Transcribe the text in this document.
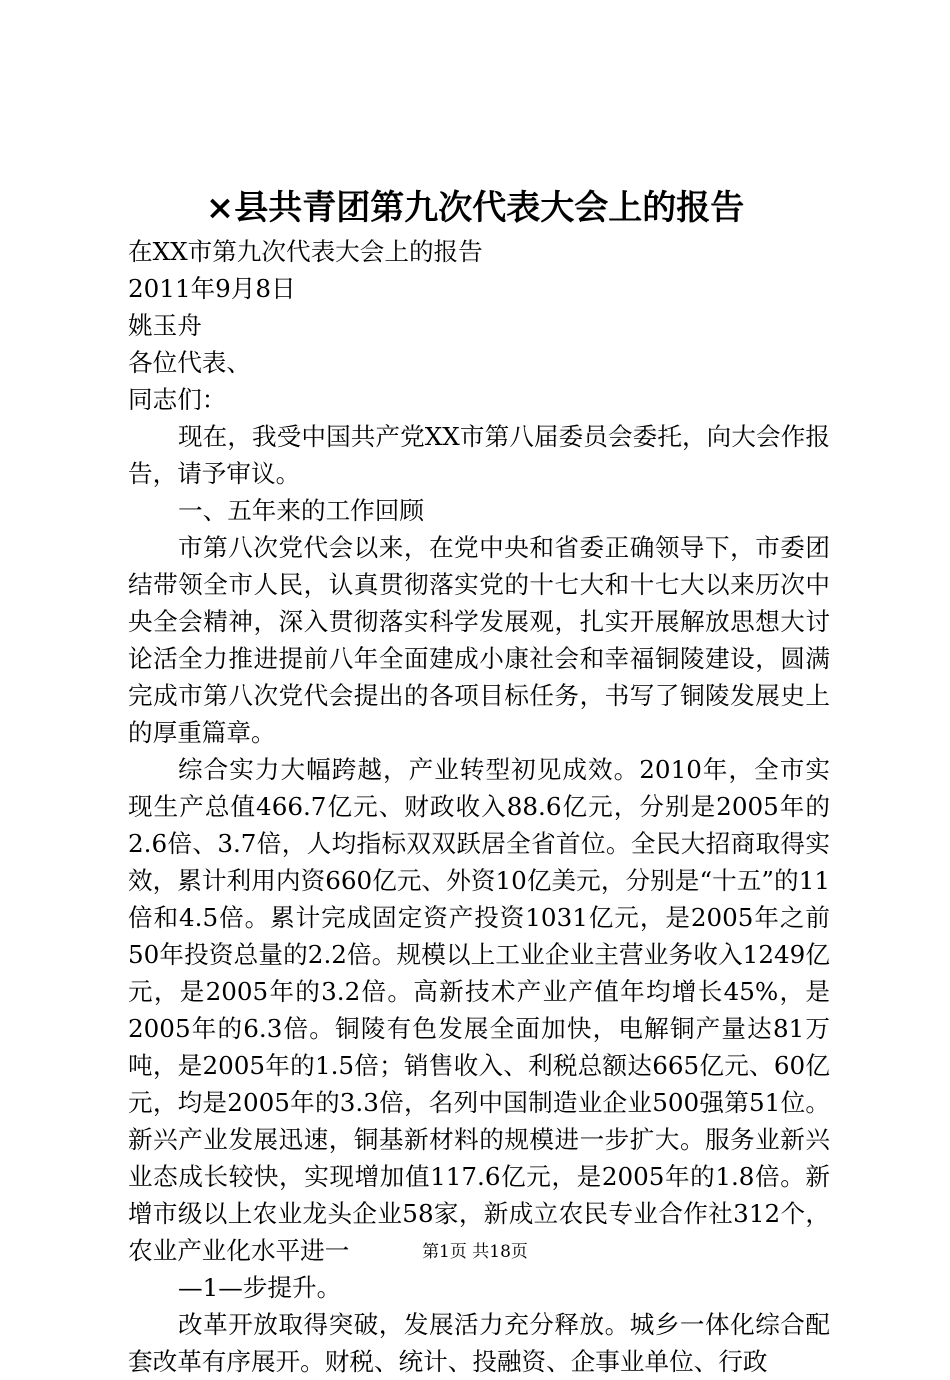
×县共青团第九次代表大会上的报告

在XX市第九次代表大会上的报告

2011年9月8日

姚玉舟

各位代表、

同志们：

现在，我受中国共产党XX市第八届委员会委托，向大会作报告，请予审议。

一、五年来的工作回顾

市第八次党代会以来，在党中央和省委正确领导下，市委团结带领全市人民，认真贯彻落实党的十七大和十七大以来历次中央全会精神，深入贯彻落实科学发展观，扎实开展解放思想大讨论活全力推进提前八年全面建成小康社会和幸福铜陵建设，圆满完成市第八次党代会提出的各项目标任务，书写了铜陵发展史上的厚重篇章。

综合实力大幅跨越，产业转型初见成效。2010年，全市实现生产总值466.7亿元、财政收入88.6亿元，分别是2005年的2.6倍、3.7倍，人均指标双双跃居全省首位。全民大招商取得实效，累计利用内资660亿元、外资10亿美元，分别是“十五”的11倍和4.5倍。累计完成固定资产投资1031亿元，是2005年之前50年投资总量的2.2倍。规模以上工业企业主营业务收入1249亿元，是2005年的3.2倍。高新技术产业产值年均增长45%，是2005年的6.3倍。铜陵有色发展全面加快，电解铜产量达81万吨，是2005年的1.5倍；销售收入、利税总额达665亿元、60亿元，均是2005年的3.3倍，名列中国制造业企业500强第51位。新兴产业发展迅速，铜基新材料的规模进一步扩大。服务业新兴业态成长较快，实现增加值117.6亿元，是2005年的1.8倍。新增市级以上农业龙头企业58家，新成立农民专业合作社312个，农业产业化水平进一

—1—步提升。

改革开放取得突破，发展活力充分释放。城乡一体化综合配套改革有序展开。财税、统计、投融资、企事业单位、行政

第1页 共18页
